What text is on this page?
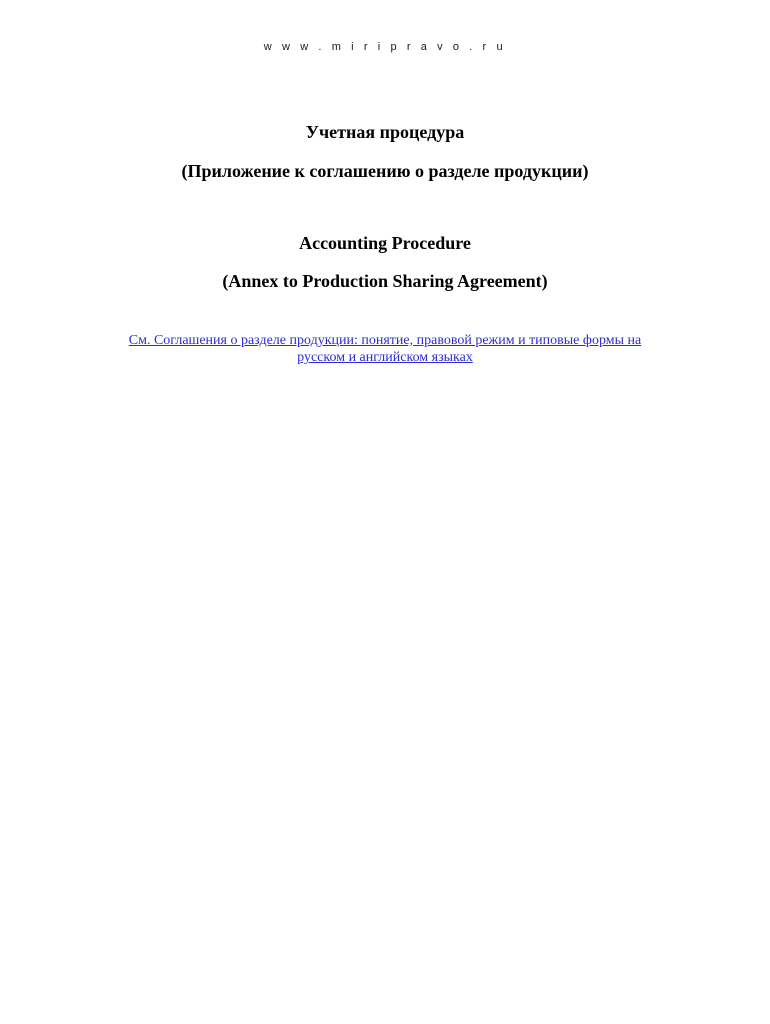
w w w . m i r i p r a v o . r u
Учетная процедура
(Приложение к соглашению о разделе продукции)
Accounting Procedure
(Annex to Production Sharing Agreement)
См. Соглашения о разделе продукции: понятие, правовой режим и типовые формы на
русском и английском языках
